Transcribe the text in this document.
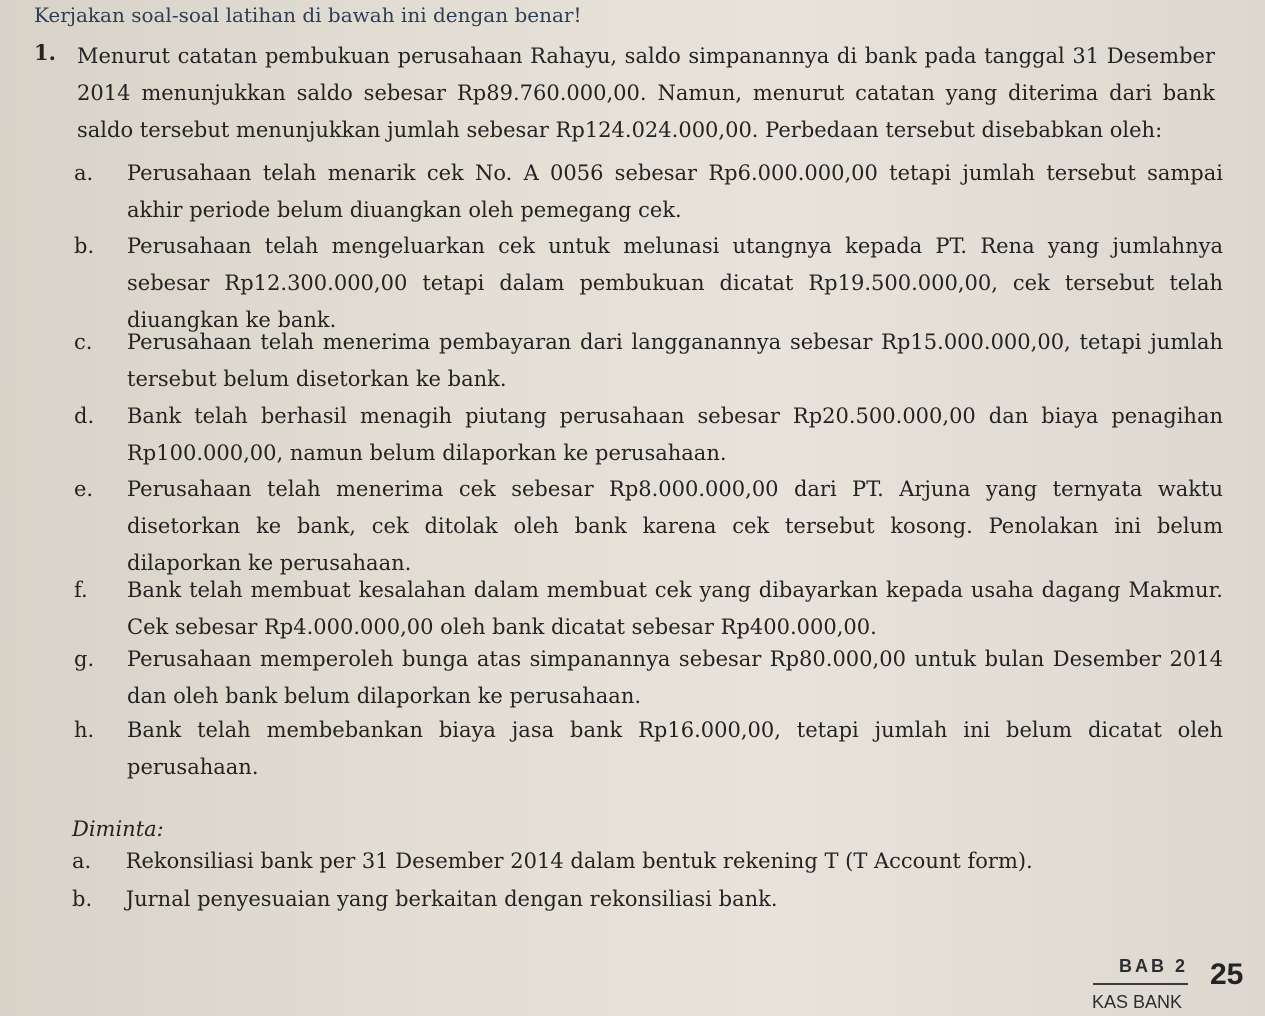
Kerjakan soal-soal latihan di bawah ini dengan benar!
1. Menurut catatan pembukuan perusahaan Rahayu, saldo simpanannya di bank pada tanggal 31 Desember 2014 menunjukkan saldo sebesar Rp89.760.000,00. Namun, menurut catatan yang diterima dari bank saldo tersebut menunjukkan jumlah sebesar Rp124.024.000,00. Perbedaan tersebut disebabkan oleh:
a.	Perusahaan telah menarik cek No. A 0056 sebesar Rp6.000.000,00 tetapi jumlah tersebut sampai akhir periode belum diuangkan oleh pemegang cek.
b.	Perusahaan telah mengeluarkan cek untuk melunasi utangnya kepada PT. Rena yang jumlahnya sebesar Rp12.300.000,00 tetapi dalam pembukuan dicatat Rp19.500.000,00, cek tersebut telah diuangkan ke bank.
c.	Perusahaan telah menerima pembayaran dari langganannya sebesar Rp15.000.000,00, tetapi jumlah tersebut belum disetorkan ke bank.
d.	Bank telah berhasil menagih piutang perusahaan sebesar Rp20.500.000,00 dan biaya penagihan Rp100.000,00, namun belum dilaporkan ke perusahaan.
e.	Perusahaan telah menerima cek sebesar Rp8.000.000,00 dari PT. Arjuna yang ternyata waktu disetorkan ke bank, cek ditolak oleh bank karena cek tersebut kosong. Penolakan ini belum dilaporkan ke perusahaan.
f.	Bank telah membuat kesalahan dalam membuat cek yang dibayarkan kepada usaha dagang Makmur. Cek sebesar Rp4.000.000,00 oleh bank dicatat sebesar Rp400.000,00.
g.	Perusahaan memperoleh bunga atas simpanannya sebesar Rp80.000,00 untuk bulan Desember 2014 dan oleh bank belum dilaporkan ke perusahaan.
h.	Bank telah membebankan biaya jasa bank Rp16.000,00, tetapi jumlah ini belum dicatat oleh perusahaan.
Diminta:
a. Rekonsiliasi bank per 31 Desember 2014 dalam bentuk rekening T (T Account form).
b. Jurnal penyesuaian yang berkaitan dengan rekonsiliasi bank.
BAB 2
KAS BANK
25
